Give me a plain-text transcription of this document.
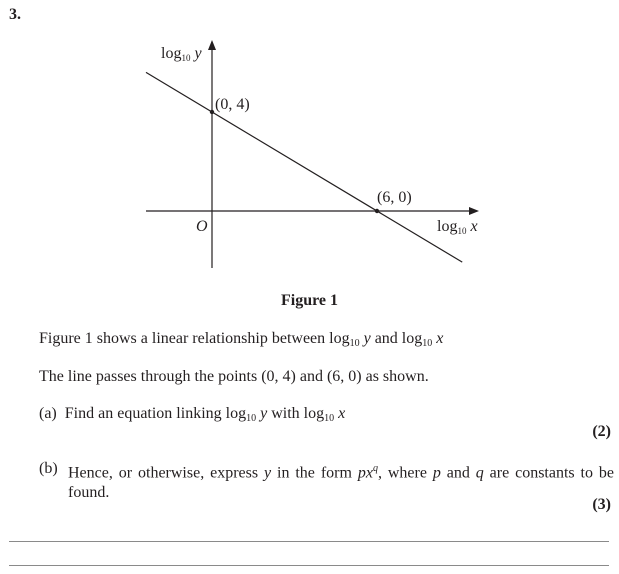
3.
log10 y
log10 x
O
(0, 4)
(6, 0)
Figure 1
Figure 1 shows a linear relationship between log10 y and log10 x
The line passes through the points (0, 4) and (6, 0) as shown.
(a) Find an equation linking log10 y with log10 x
(2)
(b) Hence, or otherwise, express y in the form $px^q$, where p and q are constants to be found.
(3)
